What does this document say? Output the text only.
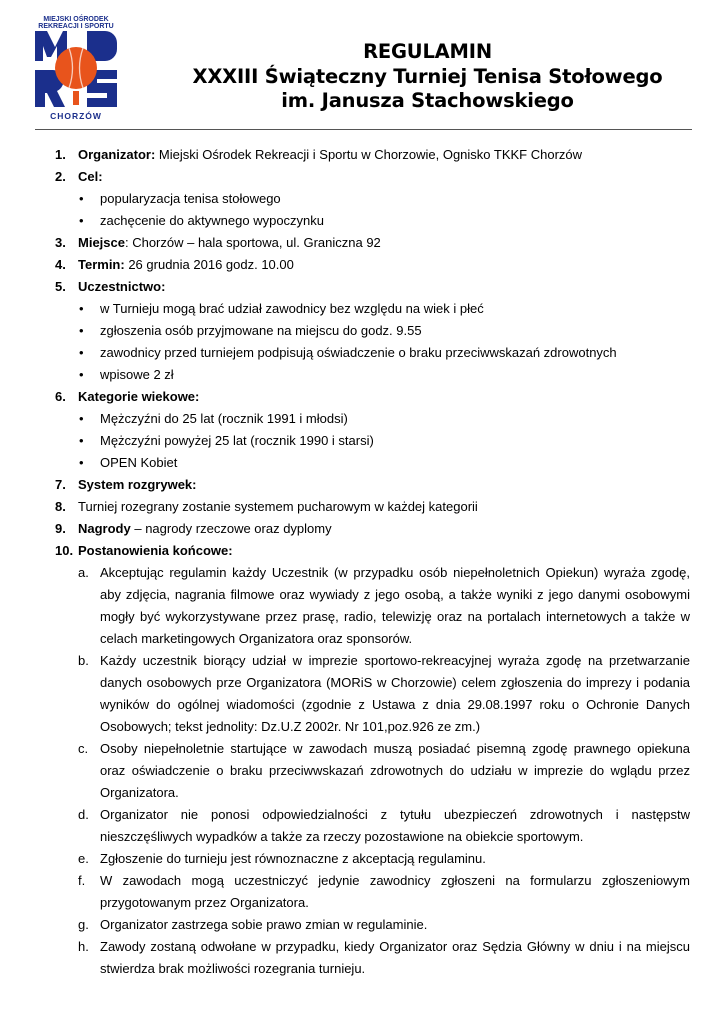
MIEJSKI OŚRODEK
REKREACJI I SPORTU
CHORZÓW
REGULAMIN
XXXIII Świąteczny Turniej Tenisa Stołowego
im. Janusza Stachowskiego
1. Organizator: Miejski Ośrodek Rekreacji i Sportu w Chorzowie, Ognisko TKKF Chorzów
2. Cel:
• popularyzacja tenisa stołowego
• zachęcenie do aktywnego wypoczynku
3. Miejsce: Chorzów – hala sportowa, ul. Graniczna 92
4. Termin: 26 grudnia 2016 godz. 10.00
5. Uczestnictwo:
• w Turnieju mogą brać udział zawodnicy bez względu na wiek i płeć
• zgłoszenia osób przyjmowane na miejscu do godz. 9.55
• zawodnicy przed turniejem podpisują oświadczenie o braku przeciwwskazań zdrowotnych
• wpisowe 2 zł
6. Kategorie wiekowe:
• Mężczyźni do 25 lat (rocznik 1991 i młodsi)
• Mężczyźni powyżej 25 lat (rocznik 1990 i starsi)
• OPEN Kobiet
7. System rozgrywek:
8. Turniej rozegrany zostanie systemem pucharowym w każdej kategorii
9. Nagrody – nagrody rzeczowe oraz dyplomy
10. Postanowienia końcowe:
a. Akceptując regulamin każdy Uczestnik (w przypadku osób niepełnoletnich Opiekun) wyraża zgodę, aby zdjęcia, nagrania filmowe oraz wywiady z jego osobą, a także wyniki z jego danymi osobowymi mogły być wykorzystywane przez prasę, radio, telewizję oraz na portalach internetowych a także w celach marketingowych Organizatora oraz sponsorów.
b. Każdy uczestnik biorący udział w imprezie sportowo-rekreacyjnej wyraża zgodę na przetwarzanie danych osobowych prze Organizatora (MORiS w Chorzowie) celem zgłoszenia do imprezy i podania wyników do ogólnej wiadomości (zgodnie z Ustawa z dnia 29.08.1997 roku o Ochronie Danych Osobowych; tekst jednolity: Dz.U.Z 2002r. Nr 101,poz.926 ze zm.)
c. Osoby niepełnoletnie startujące w zawodach muszą posiadać pisemną zgodę prawnego opiekuna oraz oświadczenie o braku przeciwwskazań zdrowotnych do udziału w imprezie do wglądu przez Organizatora.
d. Organizator nie ponosi odpowiedzialności z tytułu ubezpieczeń zdrowotnych i następstw nieszczęśliwych wypadków a także za rzeczy pozostawione na obiekcie sportowym.
e. Zgłoszenie do turnieju jest równoznaczne z akceptacją regulaminu.
f. W zawodach mogą uczestniczyć jedynie zawodnicy zgłoszeni na formularzu zgłoszeniowym przygotowanym przez Organizatora.
g. Organizator zastrzega sobie prawo zmian w regulaminie.
h. Zawody zostaną odwołane w przypadku, kiedy Organizator oraz Sędzia Główny w dniu i na miejscu stwierdza brak możliwości rozegrania turnieju.
